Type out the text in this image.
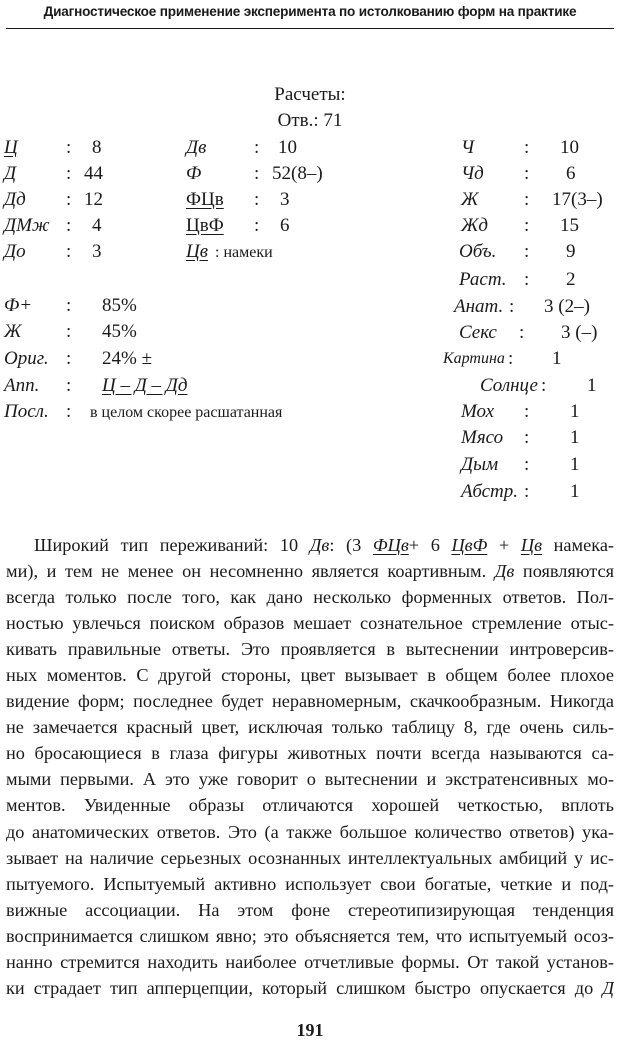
Диагностическое применение эксперимента по истолкованию форм на практике
Расчеты:
Отв.: 71
Ц	: 8
Д	: 44
Дд : 12
ДМж : 4
До : 3
Дв	: 10
Ф	: 52(8–)
ФЦв : 3
ЦвФ : 6
Цв : намеки
Ч	: 10
Чд : 6
Ж : 17(3–)
Жд : 15
Объ. : 9
Раст. : 2
Анат. : 3 (2–)
Секс : 3 (–)
Картина : 1
Солнце : 1
Мох : 1
Мясо : 1
Дым : 1
Абстр. : 1
Ф+ : 85%
Ж : 45%
Ориг. : 24% ±
Апп. : Ц – Д – Дд
Посл. : в целом скорее расшатанная
Широкий тип переживаний: 10 Дв: (3 ФЦв+ 6 ЦвФ + Цв намека-
ми), и тем не менее он несомненно является коартивным. Дв появляются
всегда только после того, как дано несколько форменных ответов. Пол-
ностью увлечься поиском образов мешает сознательное стремление отыс-
кивать правильные ответы. Это проявляется в вытеснении интроверсив-
ных моментов. С другой стороны, цвет вызывает в общем более плохое
видение форм; последнее будет неравномерным, скачкообразным. Никогда
не замечается красный цвет, исключая только таблицу 8, где очень силь-
но бросающиеся в глаза фигуры животных почти всегда называются са-
мыми первыми. А это уже говорит о вытеснении и экстратенсивных мо-
ментов. Увиденные образы отличаются хорошей четкостью, вплоть
до анатомических ответов. Это (а также большое количество ответов) ука-
зывает на наличие серьезных осознанных интеллектуальных амбиций у ис-
пытуемого. Испытуемый активно использует свои богатые, четкие и под-
вижные ассоциации. На этом фоне стереотипизирующая тенденция
воспринимается слишком явно; это объясняется тем, что испытуемый осоз-
нанно стремится находить наиболее отчетливые формы. От такой установ-
ки страдает тип апперцепции, который слишком быстро опускается до Д
191
